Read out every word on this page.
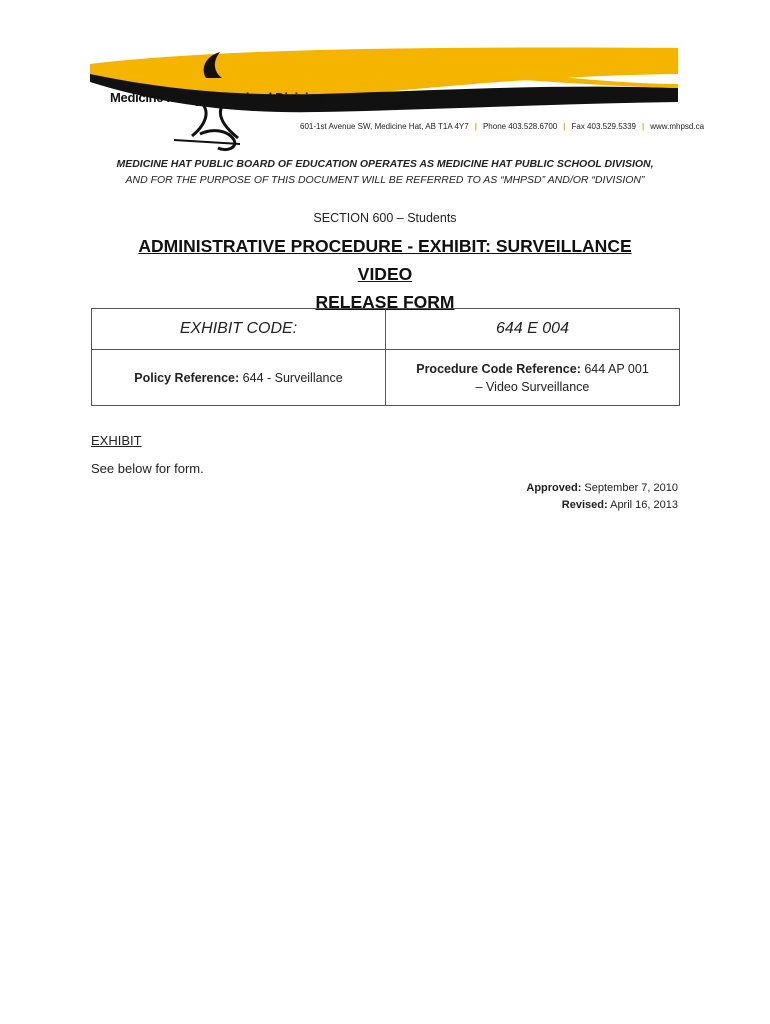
Medicine Hat Public School Division
601-1st Avenue SW, Medicine Hat, AB T1A 4Y7 | Phone 403.528.6700 | Fax 403.529.5339 | www.mhpsd.ca
MEDICINE HAT PUBLIC BOARD OF EDUCATION OPERATES AS MEDICINE HAT PUBLIC SCHOOL DIVISION,
AND FOR THE PURPOSE OF THIS DOCUMENT WILL BE REFERRED TO AS “MHPSD” AND/OR “DIVISION”
SECTION 600 – Students
ADMINISTRATIVE PROCEDURE - EXHIBIT: SURVEILLANCE VIDEO
RELEASE FORM
EXHIBIT CODE:	644 E 004
Policy Reference: 644 - Surveillance	Procedure Code Reference: 644 AP 001
– Video Surveillance
EXHIBIT
See below for form.
Approved: September 7, 2010
Revised: April 16, 2013
